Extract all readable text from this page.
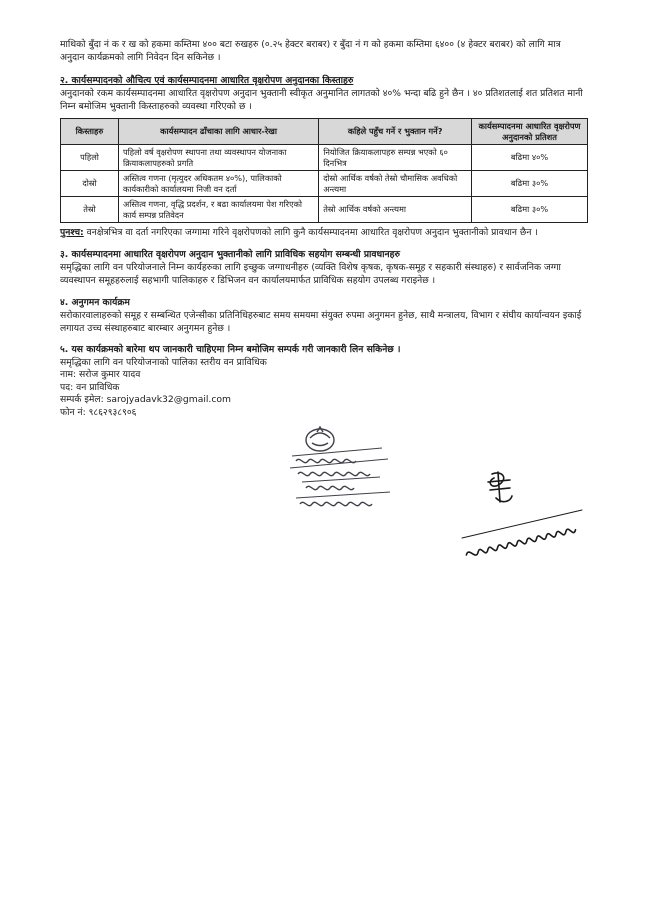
माथिको बुँदा नं क र ख को हकमा कम्तिमा ४०० बटा रुखहरु (०.२५ हेक्टर बराबर) र बुँदा नं ग को हकमा कम्तिमा ६४०० (४ हेक्टर बराबर) को लागि मात्र अनुदान कार्यक्रमको लागि निवेदन दिन सकिनेछ ।

२. कार्यसम्पादनको औचित्य एवं कार्यसम्पादनमा आधारित वृक्षरोपण अनुदानका किस्ताहरु

अनुदानको रकम कार्यसम्पादनमा आधारित वृक्षरोपण अनुदान भुक्तानी स्वीकृत अनुमानित लागतको ४०% भन्दा बढि हुने छैन । ४० प्रतिशतलाई शत प्रतिशत मानी निम्न बमोजिम भुक्तानी किस्ताहरुको व्यवस्था गरिएको छ ।

किस्ताहरु	कार्यसम्पादन ढाँचाका लागि आधार-रेखा	कहिले पहुँच गर्ने र भुक्तान गर्ने?	कार्यसम्पादनमा आधारित वृक्षरोपण अनुदानको प्रतिशत
पहिलो	पहिलो वर्ष वृक्षरोपण स्थापना तथा व्यवस्थापन योजनाका क्रियाकलापहरुको प्रगति	नियोजित क्रियाकलापहरु सम्पन्न भएको ६० दिनभित्र	बढिमा ४०%
दोस्रो	अस्तित्व गणना (मृत्युदर अधिकतम ४०%), पालिकाको कार्यकारीको कार्यालयमा निजी वन दर्ता	दोस्रो आर्थिक वर्षको तेस्रो चौमासिक अवधिको अन्त्यमा	बढिमा ३०%
तेस्रो	अस्तित्व गणना, वृद्धि प्रदर्शन, र बढा कार्यालयमा पेश गरिएको कार्य सम्पन्न प्रतिवेदन	तेस्रो आर्थिक वर्षको अन्त्यमा	बढिमा ३०%

पुनश्च: वनक्षेत्रभित्र वा दर्ता नगरिएका जग्गामा गरिने वृक्षरोपणको लागि कुनै कार्यसम्पादनमा आधारित वृक्षरोपण अनुदान भुक्तानीको प्रावधान छैन ।

३. कार्यसम्पादनमा आधारित वृक्षरोपण अनुदान भुक्तानीको लागि प्राविधिक सहयोग सम्बन्धी प्रावधानहरु

समृद्धिका लागि वन परियोजनाले निम्न कार्यहरुका लागि इच्छुक जग्गाधनीहरु (व्यक्ति विशेष कृषक, कृषक-समूह र सहकारी संस्थाहरु) र सार्वजनिक जग्गा व्यवस्थापन समूहहरुलाई सहभागी पालिकाहरु र डिभिजन वन कार्यालयमार्फत प्राविधिक सहयोग उपलब्ध गराइनेछ ।

४. अनुगमन कार्यक्रम

सरोकारवालाहरुको समूह र सम्बन्धित एजेन्सीका प्रतिनिधिहरुबाट समय समयमा संयुक्त रुपमा अनुगमन हुनेछ, साथै मन्त्रालय, विभाग र संघीय कार्यान्वयन इकाई लगायत उच्च संस्थाहरुबाट बारम्बार अनुगमन हुनेछ ।

५. यस कार्यक्रमको बारेमा थप जानकारी चाहिएमा निम्न बमोजिम सम्पर्क गरी जानकारी लिन सकिनेछ ।

समृद्धिका लागि वन परियोजनाको पालिका स्तरीय वन प्राविधिक

नाम: सरोज कुमार यादव

पद: वन प्राविधिक

सम्पर्क इमेल: sarojyadavk32@gmail.com

फोन नं: ९८६२९३८९०६
